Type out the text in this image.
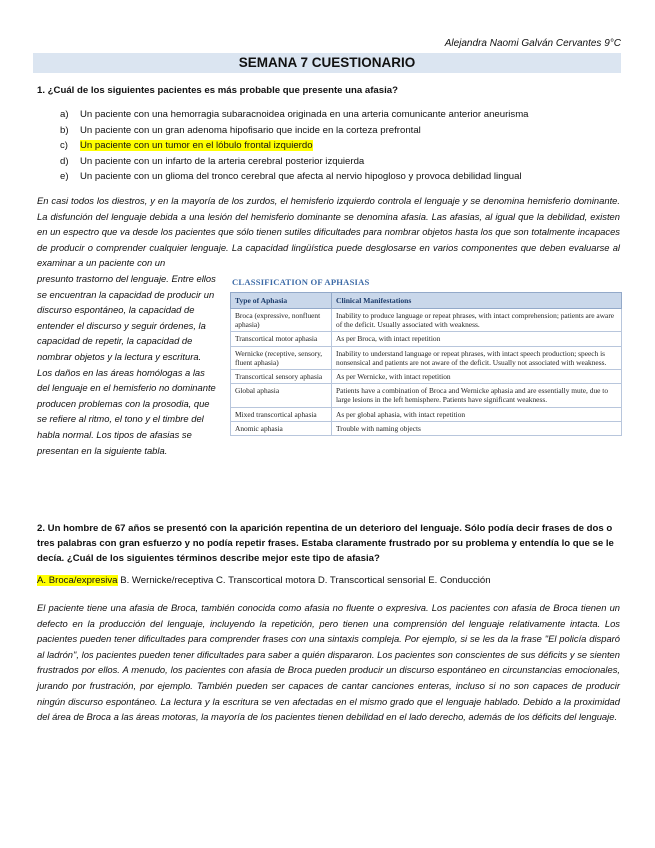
Alejandra Naomi Galván Cervantes 9°C
SEMANA 7 CUESTIONARIO
1. ¿Cuál de los siguientes pacientes es más probable que presente una afasia?
a) Un paciente con una hemorragia subaracnoidea originada en una arteria comunicante anterior aneurisma
b) Un paciente con un gran adenoma hipofisario que incide en la corteza prefrontal
c) Un paciente con un tumor en el lóbulo frontal izquierdo
d) Un paciente con un infarto de la arteria cerebral posterior izquierda
e) Un paciente con un glioma del tronco cerebral que afecta al nervio hipogloso y provoca debilidad lingual
En casi todos los diestros, y en la mayoría de los zurdos, el hemisferio izquierdo controla el lenguaje y se denomina hemisferio dominante. La disfunción del lenguaje debida a una lesión del hemisferio dominante se denomina afasia. Las afasias, al igual que la debilidad, existen en un espectro que va desde los pacientes que sólo tienen sutiles dificultades para nombrar objetos hasta los que son totalmente incapaces de producir o comprender cualquier lenguaje. La capacidad lingüística puede desglosarse en varios componentes que deben evaluarse al examinar a un paciente con un
presunto trastorno del lenguaje. Entre ellos se encuentran la capacidad de producir un discurso espontáneo, la capacidad de entender el discurso y seguir órdenes, la capacidad de repetir, la capacidad de nombrar objetos y la lectura y escritura. Los daños en las áreas homólogas a las del lenguaje en el hemisferio no dominante producen problemas con la prosodia, que se refiere al ritmo, el tono y el timbre del habla normal. Los tipos de afasias se presentan en la siguiente tabla.
CLASSIFICATION OF APHASIAS
Type of Aphasia	Clinical Manifestations
Broca (expressive, nonfluent aphasia)	Inability to produce language or repeat phrases, with intact comprehension; patients are aware of the deficit. Usually associated with weakness.
Transcortical motor aphasia	As per Broca, with intact repetition
Wernicke (receptive, sensory, fluent aphasia)	Inability to understand language or repeat phrases, with intact speech production; speech is nonsensical and patients are not aware of the deficit. Usually not associated with weakness.
Transcortical sensory aphasia	As per Wernicke, with intact repetition
Global aphasia	Patients have a combination of Broca and Wernicke aphasia and are essentially mute, due to large lesions in the left hemisphere. Patients have significant weakness.
Mixed transcortical aphasia	As per global aphasia, with intact repetition
Anomic aphasia	Trouble with naming objects
2. Un hombre de 67 años se presentó con la aparición repentina de un deterioro del lenguaje. Sólo podía decir frases de dos o tres palabras con gran esfuerzo y no podía repetir frases. Estaba claramente frustrado por su problema y entendía lo que se le decía. ¿Cuál de los siguientes términos describe mejor este tipo de afasia?
A. Broca/expresiva B. Wernicke/receptiva C. Transcortical motora D. Transcortical sensorial E. Conducción
El paciente tiene una afasia de Broca, también conocida como afasia no fluente o expresiva. Los pacientes con afasia de Broca tienen un defecto en la producción del lenguaje, incluyendo la repetición, pero tienen una comprensión del lenguaje relativamente intacta. Los pacientes pueden tener dificultades para comprender frases con una sintaxis compleja. Por ejemplo, si se les da la frase "El policía disparó al ladrón", los pacientes pueden tener dificultades para saber a quién dispararon. Los pacientes son conscientes de sus déficits y se sienten frustrados por ellos. A menudo, los pacientes con afasia de Broca pueden producir un discurso espontáneo en circunstancias emocionales, jurando por frustración, por ejemplo. También pueden ser capaces de cantar canciones enteras, incluso si no son capaces de producir ningún discurso espontáneo. La lectura y la escritura se ven afectadas en el mismo grado que el lenguaje hablado. Debido a la proximidad del área de Broca a las áreas motoras, la mayoría de los pacientes tienen debilidad en el lado derecho, además de los déficits del lenguaje.
